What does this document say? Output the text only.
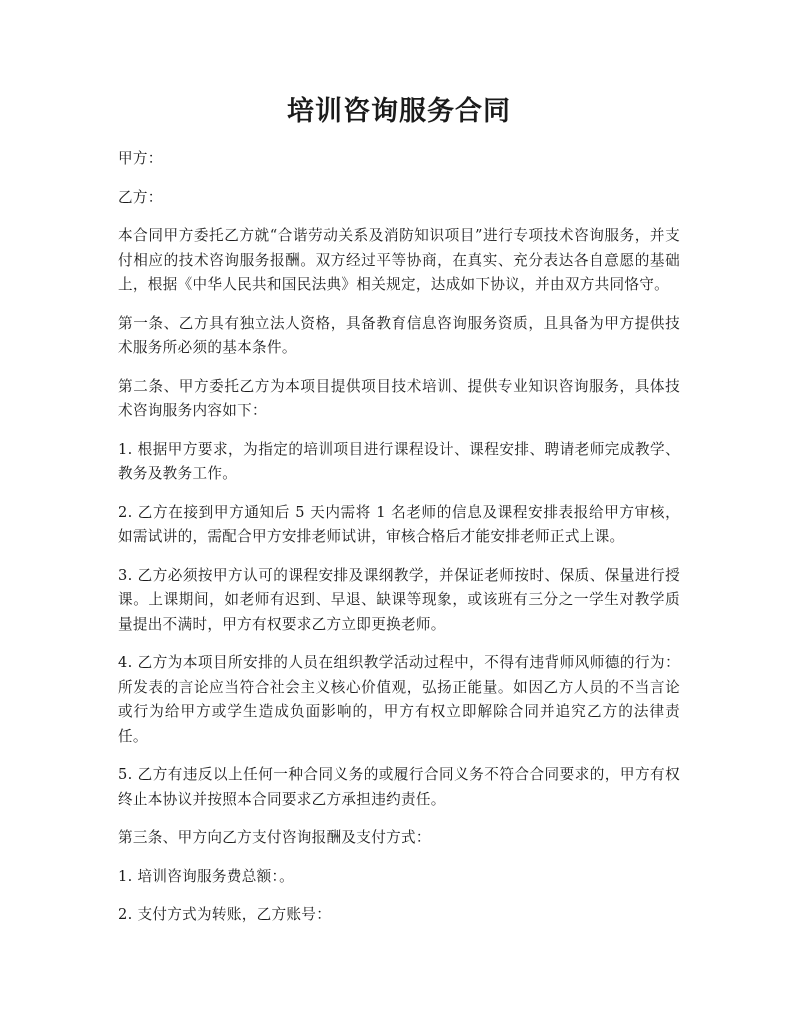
培训咨询服务合同

甲方：

乙方：

本合同甲方委托乙方就“合谐劳动关系及消防知识项目”进行专项技术咨询服务，并支付相应的技术咨询服务报酬。双方经过平等协商，在真实、充分表达各自意愿的基础上，根据《中华人民共和国民法典》相关规定，达成如下协议，并由双方共同恪守。

第一条、乙方具有独立法人资格，具备教育信息咨询服务资质，且具备为甲方提供技术服务所必须的基本条件。

第二条、甲方委托乙方为本项目提供项目技术培训、提供专业知识咨询服务，具体技术咨询服务内容如下：

1. 根据甲方要求，为指定的培训项目进行课程设计、课程安排、聘请老师完成教学、教务及教务工作。

2. 乙方在接到甲方通知后 5 天内需将 1 名老师的信息及课程安排表报给甲方审核，如需试讲的，需配合甲方安排老师试讲，审核合格后才能安排老师正式上课。

3. 乙方必须按甲方认可的课程安排及课纲教学，并保证老师按时、保质、保量进行授课。上课期间，如老师有迟到、早退、缺课等现象，或该班有三分之一学生对教学质量提出不满时，甲方有权要求乙方立即更换老师。

4. 乙方为本项目所安排的人员在组织教学活动过程中，不得有违背师风师德的行为：所发表的言论应当符合社会主义核心价值观，弘扬正能量。如因乙方人员的不当言论或行为给甲方或学生造成负面影响的，甲方有权立即解除合同并追究乙方的法律责任。

5. 乙方有违反以上任何一种合同义务的或履行合同义务不符合合同要求的，甲方有权终止本协议并按照本合同要求乙方承担违约责任。

第三条、甲方向乙方支付咨询报酬及支付方式：

1. 培训咨询服务费总额：。

2. 支付方式为转账，乙方账号：
